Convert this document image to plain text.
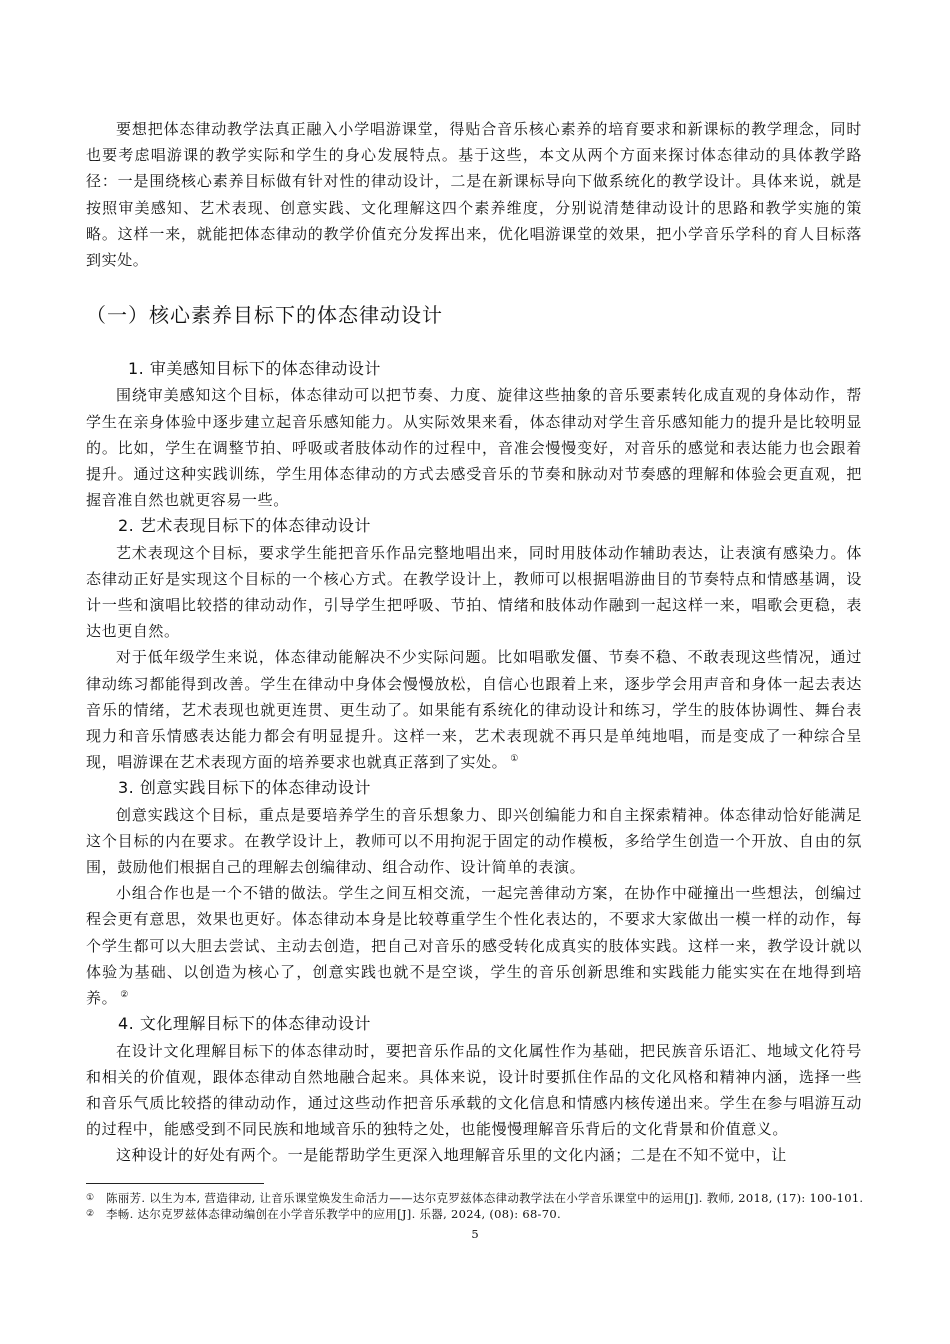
要想把体态律动教学法真正融入小学唱游课堂，得贴合音乐核心素养的培育要求和新课标的教学理念，同时也要考虑唱游课的教学实际和学生的身心发展特点。基于这些，本文从两个方面来探讨体态律动的具体教学路径：一是围绕核心素养目标做有针对性的律动设计，二是在新课标导向下做系统化的教学设计。具体来说，就是按照审美感知、艺术表现、创意实践、文化理解这四个素养维度，分别说清楚律动设计的思路和教学实施的策略。这样一来，就能把体态律动的教学价值充分发挥出来，优化唱游课堂的效果，把小学音乐学科的育人目标落到实处。

（一）核心素养目标下的体态律动设计
1. 审美感知目标下的体态律动设计

围绕审美感知这个目标，体态律动可以把节奏、力度、旋律这些抽象的音乐要素转化成直观的身体动作，帮学生在亲身体验中逐步建立起音乐感知能力。从实际效果来看，体态律动对学生音乐感知能力的提升是比较明显的。比如，学生在调整节拍、呼吸或者肢体动作的过程中，音准会慢慢变好，对音乐的感觉和表达能力也会跟着提升。通过这种实践训练，学生用体态律动的方式去感受音乐的节奏和脉动对节奏感的理解和体验会更直观，把握音准自然也就更容易一些。

2. 艺术表现目标下的体态律动设计

艺术表现这个目标，要求学生能把音乐作品完整地唱出来，同时用肢体动作辅助表达，让表演有感染力。体态律动正好是实现这个目标的一个核心方式。在教学设计上，教师可以根据唱游曲目的节奏特点和情感基调，设计一些和演唱比较搭的律动动作，引导学生把呼吸、节拍、情绪和肢体动作融到一起这样一来，唱歌会更稳，表达也更自然。

对于低年级学生来说，体态律动能解决不少实际问题。比如唱歌发僵、节奏不稳、不敢表现这些情况，通过律动练习都能得到改善。学生在律动中身体会慢慢放松，自信心也跟着上来，逐步学会用声音和身体一起去表达音乐的情绪，艺术表现也就更连贯、更生动了。如果能有系统化的律动设计和练习，学生的肢体协调性、舞台表现力和音乐情感表达能力都会有明显提升。这样一来，艺术表现就不再只是单纯地唱，而是变成了一种综合呈现，唱游课在艺术表现方面的培养要求也就真正落到了实处。 ①

3. 创意实践目标下的体态律动设计

创意实践这个目标，重点是要培养学生的音乐想象力、即兴创编能力和自主探索精神。体态律动恰好能满足这个目标的内在要求。在教学设计上，教师可以不用拘泥于固定的动作模板，多给学生创造一个开放、自由的氛围，鼓励他们根据自己的理解去创编律动、组合动作、设计简单的表演。

小组合作也是一个不错的做法。学生之间互相交流，一起完善律动方案，在协作中碰撞出一些想法，创编过程会更有意思，效果也更好。体态律动本身是比较尊重学生个性化表达的，不要求大家做出一模一样的动作，每个学生都可以大胆去尝试、主动去创造，把自己对音乐的感受转化成真实的肢体实践。这样一来，教学设计就以体验为基础、以创造为核心了，创意实践也就不是空谈，学生的音乐创新思维和实践能力能实实在在地得到培养。 ②

4. 文化理解目标下的体态律动设计

在设计文化理解目标下的体态律动时，要把音乐作品的文化属性作为基础，把民族音乐语汇、地域文化符号和相关的价值观，跟体态律动自然地融合起来。具体来说，设计时要抓住作品的文化风格和精神内涵，选择一些和音乐气质比较搭的律动动作，通过这些动作把音乐承载的文化信息和情感内核传递出来。学生在参与唱游互动的过程中，能感受到不同民族和地域音乐的独特之处，也能慢慢理解音乐背后的文化背景和价值意义。

这种设计的好处有两个。一是能帮助学生更深入地理解音乐里的文化内涵；二是在不知不觉中，让

① 陈丽芳. 以生为本, 营造律动, 让音乐课堂焕发生命活力——达尔克罗兹体态律动教学法在小学音乐课堂中的运用[J]. 教师, 2018, (17): 100-101.

② 李畅. 达尔克罗兹体态律动编创在小学音乐教学中的应用[J]. 乐器, 2024, (08): 68-70.

5
